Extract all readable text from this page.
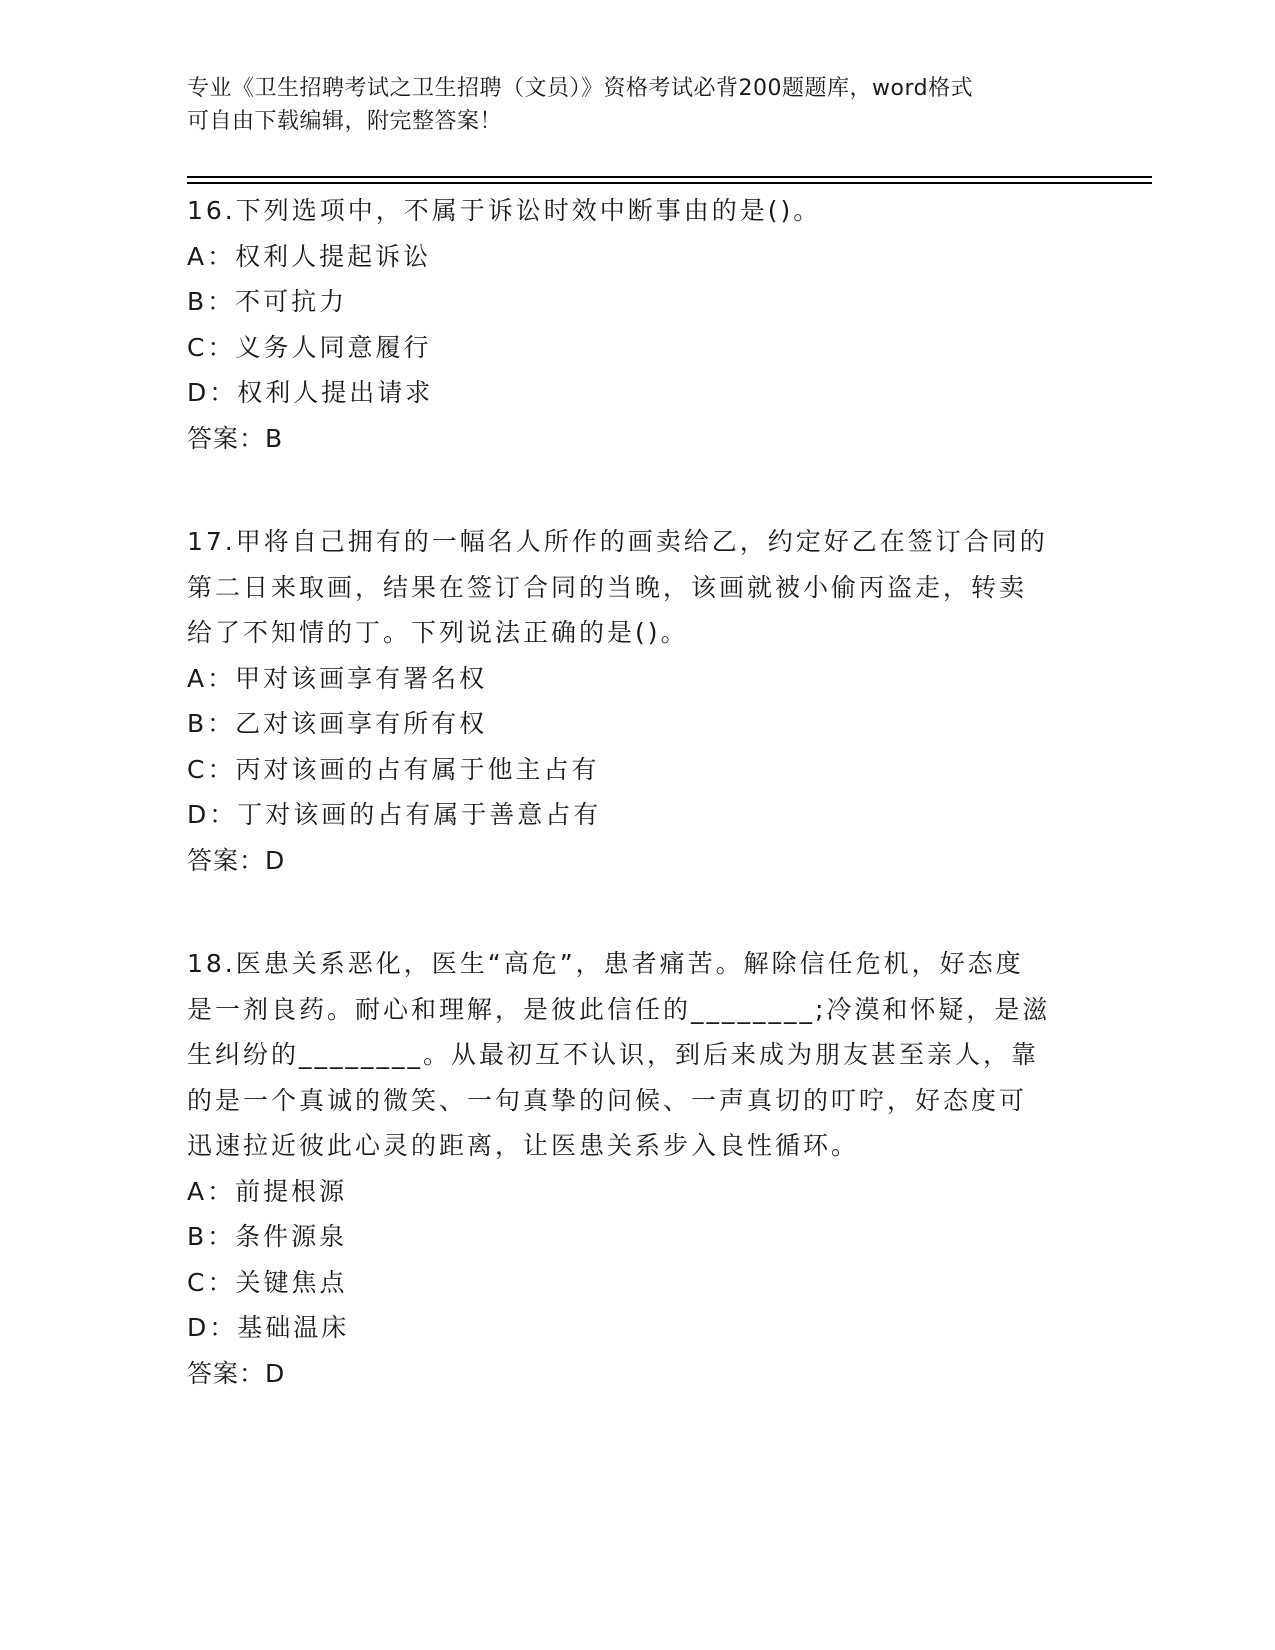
专业《卫生招聘考试之卫生招聘（文员）》资格考试必背200题题库，word格式
可自由下载编辑，附完整答案！
16.下列选项中，不属于诉讼时效中断事由的是()。
A：权利人提起诉讼
B：不可抗力
C：义务人同意履行
D：权利人提出请求
答案：B
17.甲将自己拥有的一幅名人所作的画卖给乙，约定好乙在签订合同的
第二日来取画，结果在签订合同的当晚，该画就被小偷丙盗走，转卖
给了不知情的丁。下列说法正确的是()。
A：甲对该画享有署名权
B：乙对该画享有所有权
C：丙对该画的占有属于他主占有
D：丁对该画的占有属于善意占有
答案：D
18.医患关系恶化，医生“高危”，患者痛苦。解除信任危机，好态度
是一剂良药。耐心和理解，是彼此信任的________;冷漠和怀疑，是滋
生纠纷的________。从最初互不认识，到后来成为朋友甚至亲人，靠
的是一个真诚的微笑、一句真挚的问候、一声真切的叮咛，好态度可
迅速拉近彼此心灵的距离，让医患关系步入良性循环。
A：前提根源
B：条件源泉
C：关键焦点
D：基础温床
答案：D
